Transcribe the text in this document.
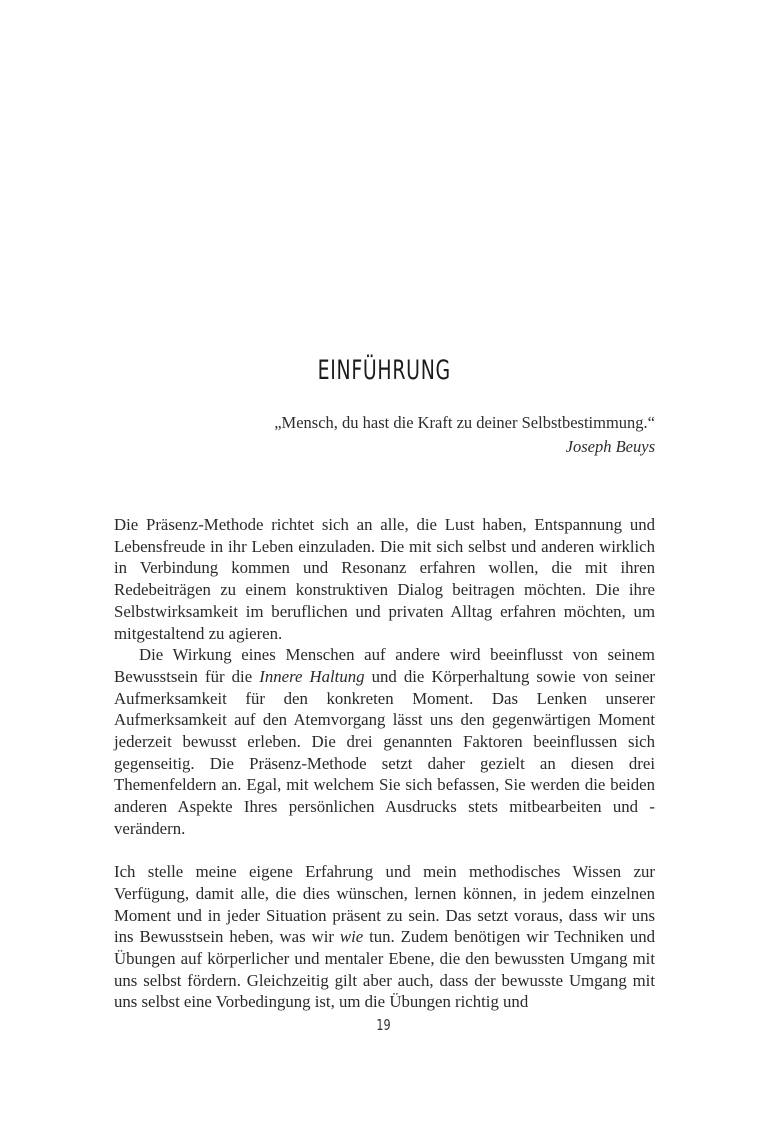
EINFÜHRUNG
„Mensch, du hast die Kraft zu deiner Selbstbestimmung.“
Joseph Beuys

Die Präsenz-Methode richtet sich an alle, die Lust haben, Entspannung und Lebensfreude in ihr Leben einzuladen. Die mit sich selbst und anderen wirklich in Verbindung kommen und Resonanz erfahren wollen, die mit ihren Redebeiträgen zu einem konstruktiven Dialog beitragen möchten. Die ihre Selbstwirksamkeit im beruflichen und privaten Alltag erfahren möchten, um mitgestaltend zu agieren.

Die Wirkung eines Menschen auf andere wird beeinflusst von seinem Bewusstsein für die Innere Haltung und die Körperhaltung sowie von seiner Aufmerksamkeit für den konkreten Moment. Das Lenken unserer Aufmerksamkeit auf den Atemvorgang lässt uns den gegenwärtigen Moment jederzeit bewusst erleben. Die drei genannten Faktoren beeinflussen sich gegenseitig. Die Präsenz-Methode setzt daher gezielt an diesen drei Themenfeldern an. Egal, mit welchem Sie sich befassen, Sie werden die beiden anderen Aspekte Ihres persönlichen Ausdrucks stets mitbearbeiten und -verändern.

Ich stelle meine eigene Erfahrung und mein methodisches Wissen zur Verfügung, damit alle, die dies wünschen, lernen können, in jedem einzelnen Moment und in jeder Situation präsent zu sein. Das setzt voraus, dass wir uns ins Bewusstsein heben, was wir wie tun. Zudem benötigen wir Techniken und Übungen auf körperlicher und mentaler Ebene, die den bewussten Umgang mit uns selbst fördern. Gleichzeitig gilt aber auch, dass der bewusste Umgang mit uns selbst eine Vorbedingung ist, um die Übungen richtig und

19
